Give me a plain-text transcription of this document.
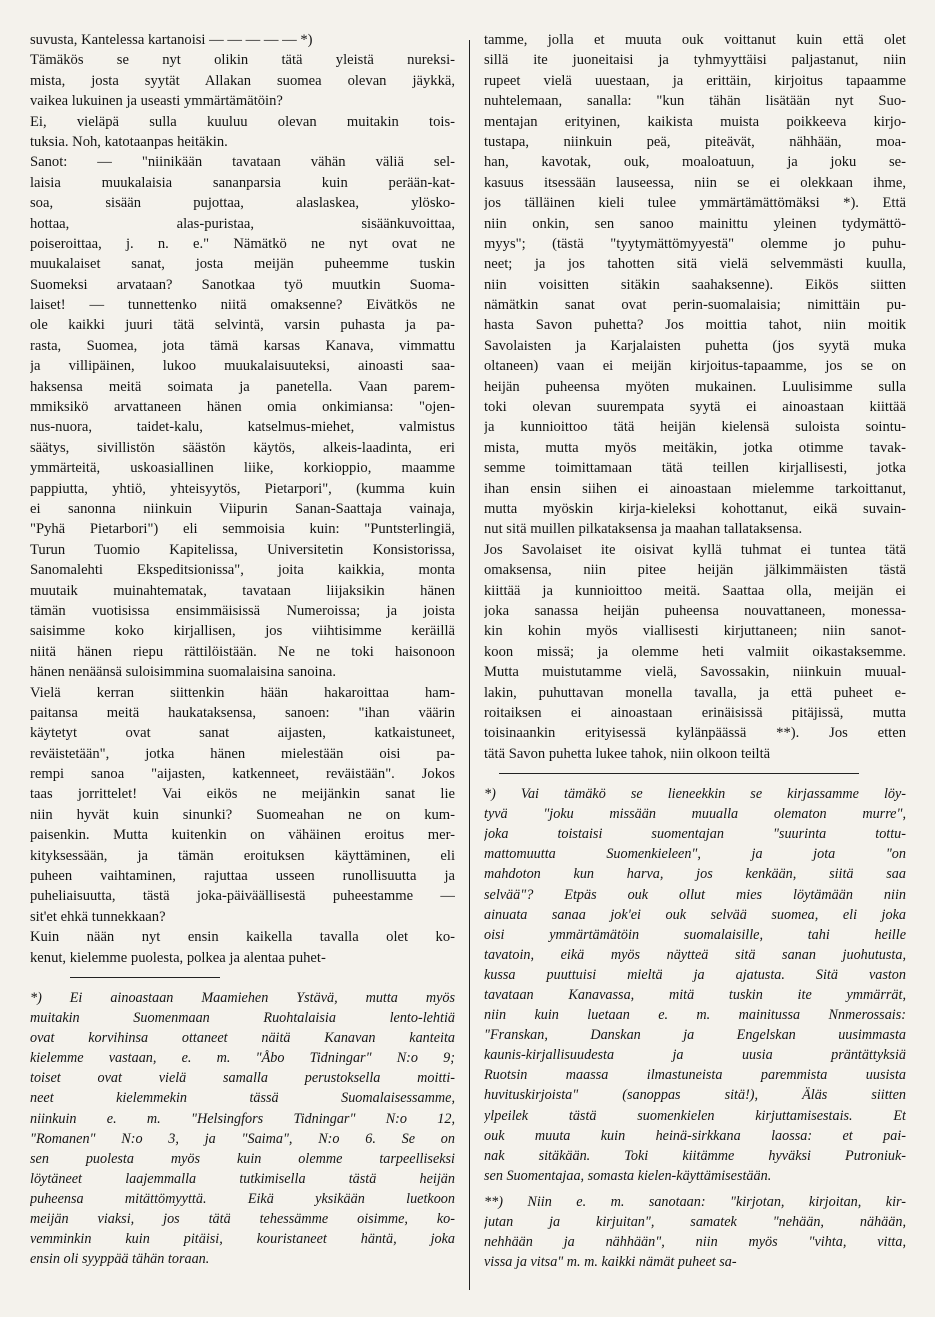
suvusta, Kantelessa kartanoisi — — — — — *)
Tämäkös se nyt olikin tätä yleistä nureksi-
mista, josta syytät Allakan suomea olevan jäykkä,
vaikea lukuinen ja useasti ymmärtämätöin?
Ei, vieläpä sulla kuuluu olevan muitakin tois-
tuksia. Noh, katotaanpas heitäkin.
Sanot: — "niinikään tavataan vähän väliä sel-
laisia muukalaisia sananparsia kuin perään-kat-
soa, sisään pujottaa, alaslaskea, ylösko-
hottaa, alas-puristaa, sisäänkuvoittaa,
poiseroittaa, j. n. e." Nämätkö ne nyt ovat ne
muukalaiset sanat, josta meijän puheemme tuskin
Suomeksi arvataan? Sanotkaa työ muutkin Suoma-
laiset! — tunnettenko niitä omaksenne? Eivätkös ne
ole kaikki juuri tätä selvintä, varsin puhasta ja pa-
rasta, Suomea, jota tämä karsas Kanava, vimmattu
ja villipäinen, lukoo muukalaisuuteksi, ainoasti saa-
haksensa meitä soimata ja panetella. Vaan parem-
mmiksikö arvattaneen hänen omia onkimiansa: "ojen-
nus-nuora, taidet-kalu, katselmus-miehet, valmistus
säätys, sivillistön säästön käytös, alkeis-laadinta, eri
ymmärteitä, uskoasiallinen liike, korkioppio, maamme
pappiutta, yhtiö, yhteisyytös, Pietarpori", (kumma kuin
ei sanonna niinkuin Viipurin Sanan-Saattaja vainaja,
"Pyhä Pietarbori") eli semmoisia kuin: "Puntsterlingiä,
Turun Tuomio Kapitelissa, Universitetin Konsistorissa,
Sanomalehti Ekspeditsionissa", joita kaikkia, monta
muutaik muinahtematak, tavataan liijaksikin hänen
tämän vuotisissa ensimmäisissä Numeroissa; ja joista
saisimme koko kirjallisen, jos viihtisimme keräillä
niitä hänen riepu rättilöistään. Ne ne toki haisonoon
hänen nenäänsä suloisimmina suomalaisina sanoina.
Vielä kerran siittenkin hään hakaroittaa ham-
paitansa meitä haukataksensa, sanoen: "ihan väärin
käytetyt ovat sanat aijasten, katkaistuneet,
reväistetään", jotka hänen mielestään oisi pa-
rempi sanoa "aijasten, katkenneet, reväistään". Jokos
taas jorrittelet! Vai eikös ne meijänkin sanat lie
niin hyvät kuin sinunki? Suomeahan ne on kum-
paisenkin. Mutta kuitenkin on vähäinen eroitus mer-
kityksessään, ja tämän eroituksen käyttäminen, eli
puheen vaihtaminen, rajuttaa usseen runollisuutta ja
puheliaisuutta, tästä joka-päiväällisestä puheestamme —
sit'et ehkä tunnekkaan?
Kuin nään nyt ensin kaikella tavalla olet ko-
kenut, kielemme puolesta, polkea ja alentaa puhet-
*) Ei ainoastaan Maamiehen Ystävä, mutta myös
muitakin Suomenmaan Ruohtalaisia lento-lehtiä
ovat korvihinsa ottaneet näitä Kanavan kanteita
kielemme vastaan, e. m. "Åbo Tidningar" N:o 9;
toiset ovat vielä samalla perustoksella moitti-
neet kielemmekin tässä Suomalaisessamme,
niinkuin e. m. "Helsingfors Tidningar" N:o 12,
"Romanen" N:o 3, ja "Saima", N:o 6. Se on
sen puolesta myös kuin olemme tarpeelliseksi
löytäneet laajemmalla tutkimisella tästä heijän
puheensa mitättömyyttä. Eikä yksikään luetkoon
meijän viaksi, jos tätä tehessämme oisimme, ko-
vemminkin kuin pitäisi, kouristaneet häntä, joka
ensin oli syyppää tähän toraan.
tamme, jolla et muuta ouk voittanut kuin että olet
sillä ite juoneitaisi ja tyhmyyttäisi paljastanut, niin
rupeet vielä uuestaan, ja erittäin, kirjoitus tapaamme
nuhtelemaan, sanalla: "kun tähän lisätään nyt Suo-
mentajan erityinen, kaikista muista poikkeeva kirjo-
tustapa, niinkuin peä, piteävät, nähhään, moa-
han, kavotak, ouk, moaloatuun, ja joku se-
kasuus itsessään lauseessa, niin se ei olekkaan ihme,
jos tälläinen kieli tulee ymmärtämättömäksi *). Että
niin onkin, sen sanoo mainittu yleinen tydymättö-
myys"; (tästä "tyytymättömyyestä" olemme jo puhu-
neet; ja jos tahotten sitä vielä selvemmästi kuulla,
niin voisitten sitäkin saahaksenne). Eikös siitten
nämätkin sanat ovat perin-suomalaisia; nimittäin pu-
hasta Savon puhetta? Jos moittia tahot, niin moitik
Savolaisten ja Karjalaisten puhetta (jos syytä muka
oltaneen) vaan ei meijän kirjoitus-tapaamme, jos se on
heijän puheensa myöten mukainen. Luulisimme sulla
toki olevan suurempata syytä ei ainoastaan kiittää
ja kunnioittoo tätä heijän kielensä suloista sointu-
mista, mutta myös meitäkin, jotka otimme tavak-
semme toimittamaan tätä teillen kirjallisesti, jotka
ihan ensin siihen ei ainoastaan mielemme tarkoittanut,
mutta myöskin kirja-kieleksi kohottanut, eikä suvain-
nut sitä muillen pilkataksensa ja maahan tallataksensa.
Jos Savolaiset ite oisivat kyllä tuhmat ei tuntea tätä
omaksensa, niin pitee heijän jälkimmäisten tästä
kiittää ja kunnioittoo meitä. Saattaa olla, meijän ei
joka sanassa heijän puheensa nouvattaneen, monessa-
kin kohin myös viallisesti kirjuttaneen; niin sanot-
koon missä; ja olemme heti valmiit oikastaksemme.
Mutta muistutamme vielä, Savossakin, niinkuin muual-
lakin, puhuttavan monella tavalla, ja että puheet e-
roitaiksen ei ainoastaan erinäisissä pitäjissä, mutta
toisinaankin erityisessä kylänpäässä **). Jos etten
tätä Savon puhetta lukee tahok, niin olkoon teiltä
*) Vai tämäkö se lieneekkin se kirjassamme löy-
tyvä "joku missään muualla olematon murre",
joka toistaisi suomentajan "suurinta tottu-
mattomuutta Suomenkieleen", ja jota "on
mahdoton kun harva, jos kenkään, siitä saa
selvää"? Etpäs ouk ollut mies löytämään niin
ainuata sanaa jok'ei ouk selvää suomea, eli joka
oisi ymmärtämätöin suomalaisille, tahi heille
tavatoin, eikä myös näytteä sitä sanan juohutusta,
kussa puuttuisi mieltä ja ajatusta. Sitä vaston
tavataan Kanavassa, mitä tuskin ite ymmärrät,
niin kuin luetaan e. m. mainitussa Nnmerossais:
"Franskan, Danskan ja Engelskan uusimmasta
kaunis-kirjallisuudesta ja uusia präntättyksiä
Ruotsin maassa ilmastuneista paremmista uusista
huvituskirjoista" (sanoppas sitä!), Äläs siitten
ylpeilek tästä suomenkielen kirjuttamisestais. Et
ouk muuta kuin heinä-sirkkana laossa: et pai-
nak sitäkään. Toki kiitämme hyväksi Putroniuk-
sen Suomentajaa, somasta kielen-käyttämisestään.
**) Niin e. m. sanotaan: "kirjotan, kirjoitan, kir-
jutan ja kirjuitan", samatek "nehään, nähään,
nehhään ja nähhään", niin myös "vihta, vitta,
vissa ja vitsa" m. m. kaikki nämät puheet sa-
